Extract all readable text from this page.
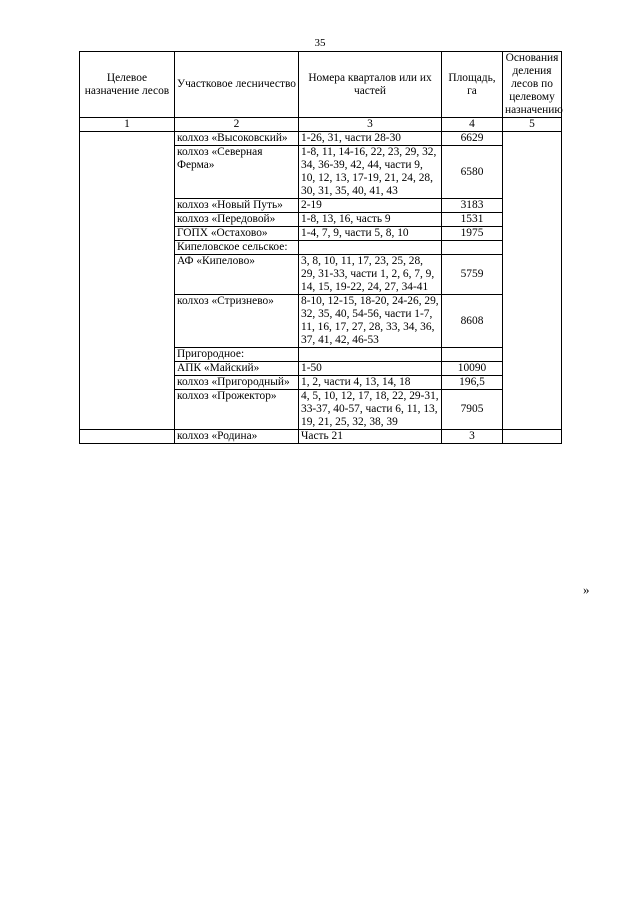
35
Целевое назначение лесов	Участковое лесничество	Номера кварталов или их частей	Площадь, га	Основания деления лесов по целевому назначению
1	2	3	4	5
	колхоз «Высоковский»	1-26, 31, части 28-30	6629	
	колхоз «Северная Ферма»	1-8, 11, 14-16, 22, 23, 29, 32, 34, 36-39, 42, 44, части 9, 10, 12, 13, 17-19, 21, 24, 28, 30, 31, 35, 40, 41, 43	6580	
	колхоз «Новый Путь»	2-19	3183	
	колхоз «Передовой»	1-8, 13, 16, часть 9	1531	
	ГОПХ «Остахово»	1-4, 7, 9, части 5, 8, 10	1975	
	Кипеловское сельское:			
	АФ «Кипелово»	3, 8, 10, 11, 17, 23, 25, 28, 29, 31-33, части 1, 2, 6, 7, 9, 14, 15, 19-22, 24, 27, 34-41	5759	
	колхоз «Стризнево»	8-10, 12-15, 18-20, 24-26, 29, 32, 35, 40, 54-56, части 1-7, 11, 16, 17, 27, 28, 33, 34, 36, 37, 41, 42, 46-53	8608	
	Пригородное:			
	АПК «Майский»	1-50	10090	
	колхоз «Пригородный»	1, 2, части 4, 13, 14, 18	196,5	
	колхоз «Прожектор»	4, 5, 10, 12, 17, 18, 22, 29-31, 33-37, 40-57, части 6, 11, 13, 19, 21, 25, 32, 38, 39	7905	
	колхоз «Родина»	Часть 21	3	
»
